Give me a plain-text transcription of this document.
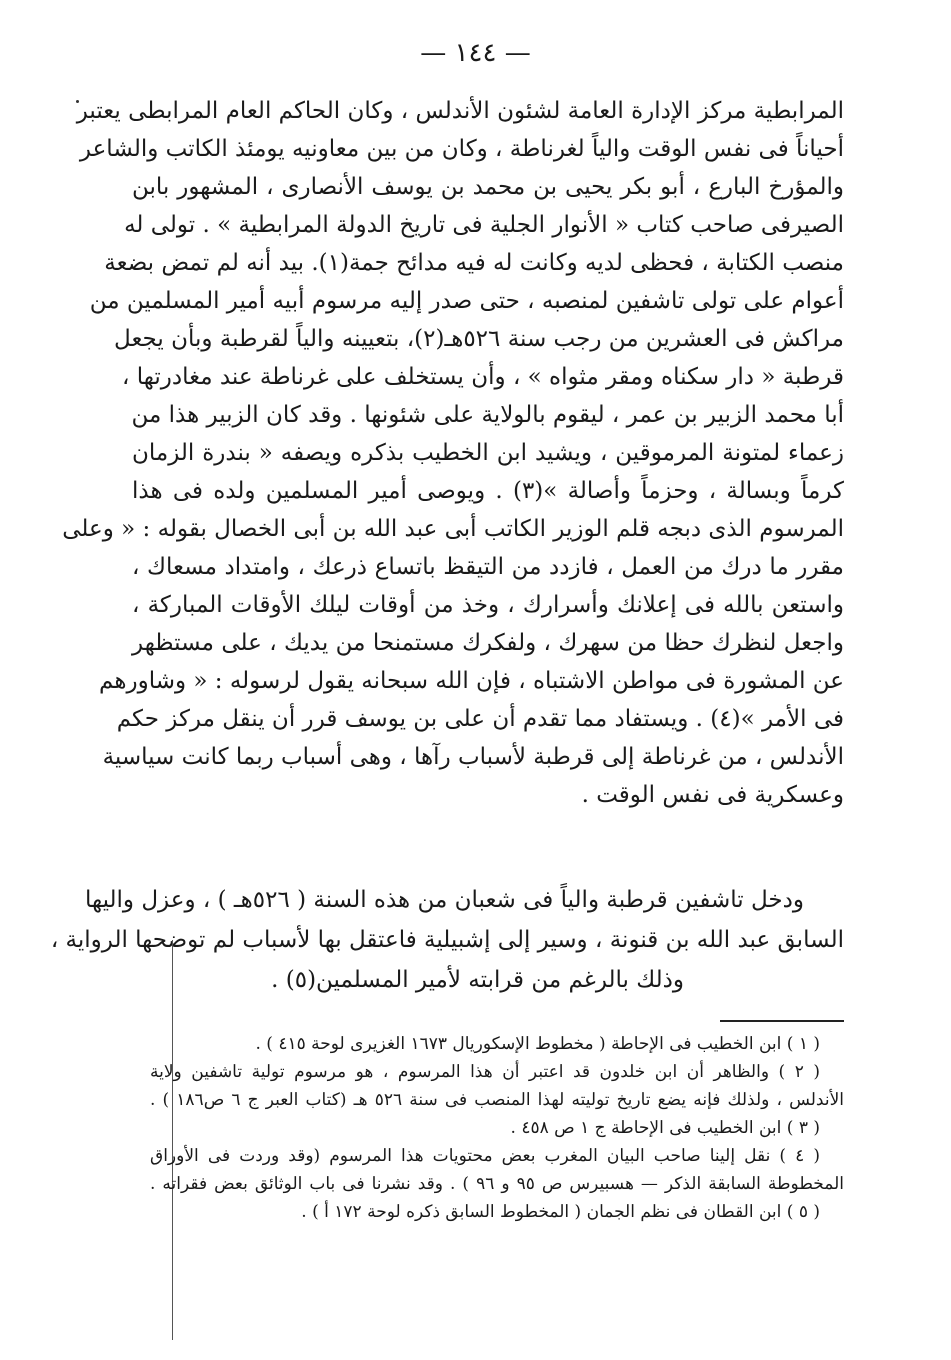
— ١٤٤ —
المرابطية مركز الإدارة العامة لشئون الأندلس ، وكان الحاكم العام المرابطى يعتبر
أحياناً فى نفس الوقت والياً لغرناطة ، وكان من بين معاونيه يومئذ الكاتب والشاعر
والمؤرخ البارع ، أبو بكر يحيى بن محمد بن يوسف الأنصارى ، المشهور بابن
الصيرفى صاحب كتاب « الأنوار الجلية فى تاريخ الدولة المرابطية » . تولى له
منصب الكتابة ، فحظى لديه وكانت له فيه مدائح جمة(١). بيد أنه لم تمض بضعة
أعوام على تولى تاشفين لمنصبه ، حتى صدر إليه مرسوم أبيه أمير المسلمين من
مراكش فى العشرين من رجب سنة ٥٢٦هـ(٢)، بتعيينه والياً لقرطبة وبأن يجعل
قرطبة « دار سكناه ومقر مثواه » ، وأن يستخلف على غرناطة عند مغادرتها ،
أبا محمد الزبير بن عمر ، ليقوم بالولاية على شئونها . وقد كان الزبير هذا من
زعماء لمتونة المرموقين ، ويشيد ابن الخطيب بذكره ويصفه « بندرة الزمان
كرماً وبسالة ، وحزماً وأصالة »(٣) . ويوصى أمير المسلمين ولده فى هذا
المرسوم الذى دبجه قلم الوزير الكاتب أبى عبد الله بن أبى الخصال بقوله : « وعلى
مقرر ما درك من العمل ، فازدد من التيقظ باتساع ذرعك ، وامتداد مسعاك ،
واستعن بالله فى إعلانك وأسرارك ، وخذ من أوقات ليلك الأوقات المباركة ،
واجعل لنظرك حظا من سهرك ، ولفكرك مستمنحا من يديك ، على مستظهر
عن المشورة فى مواطن الاشتباه ، فإن الله سبحانه يقول لرسوله : « وشاورهم
فى الأمر »(٤) . ويستفاد مما تقدم أن على بن يوسف قرر أن ينقل مركز حكم
الأندلس ، من غرناطة إلى قرطبة لأسباب رآها ، وهى أسباب ربما كانت سياسية
وعسكرية فى نفس الوقت .
ودخل تاشفين قرطبة والياً فى شعبان من هذه السنة ( ٥٢٦هـ ) ، وعزل واليها
السابق عبد الله بن قنونة ، وسير إلى إشبيلية فاعتقل بها لأسباب لم توضحها الرواية ،
وذلك بالرغم من قرابته لأمير المسلمين(٥) .
( ١ ) ابن الخطيب فى الإحاطة ( مخطوط الإسكوريال ١٦٧٣ الغزيرى لوحة ٤١٥ ) .
( ٢ ) والظاهر أن ابن خلدون قد اعتبر أن هذا المرسوم ، هو مرسوم تولية تاشفين ولاية
الأندلس ، ولذلك فإنه يضع تاريخ توليته لهذا المنصب فى سنة ٥٢٦ هـ (كتاب العبر ج ٦ ص١٨٦ ) .
( ٣ ) ابن الخطيب فى الإحاطة ج ١ ص ٤٥٨ .
( ٤ ) نقل إلينا صاحب البيان المغرب بعض محتويات هذا المرسوم (وقد وردت فى الأوراق
المخطوطة السابقة الذكر — هسبيرس ص ٩٥ و ٩٦ ) . وقد نشرنا فى باب الوثائق بعض فقراته .
( ٥ ) ابن القطان فى نظم الجمان ( المخطوط السابق ذكره لوحة ١٧٢ أ ) .
